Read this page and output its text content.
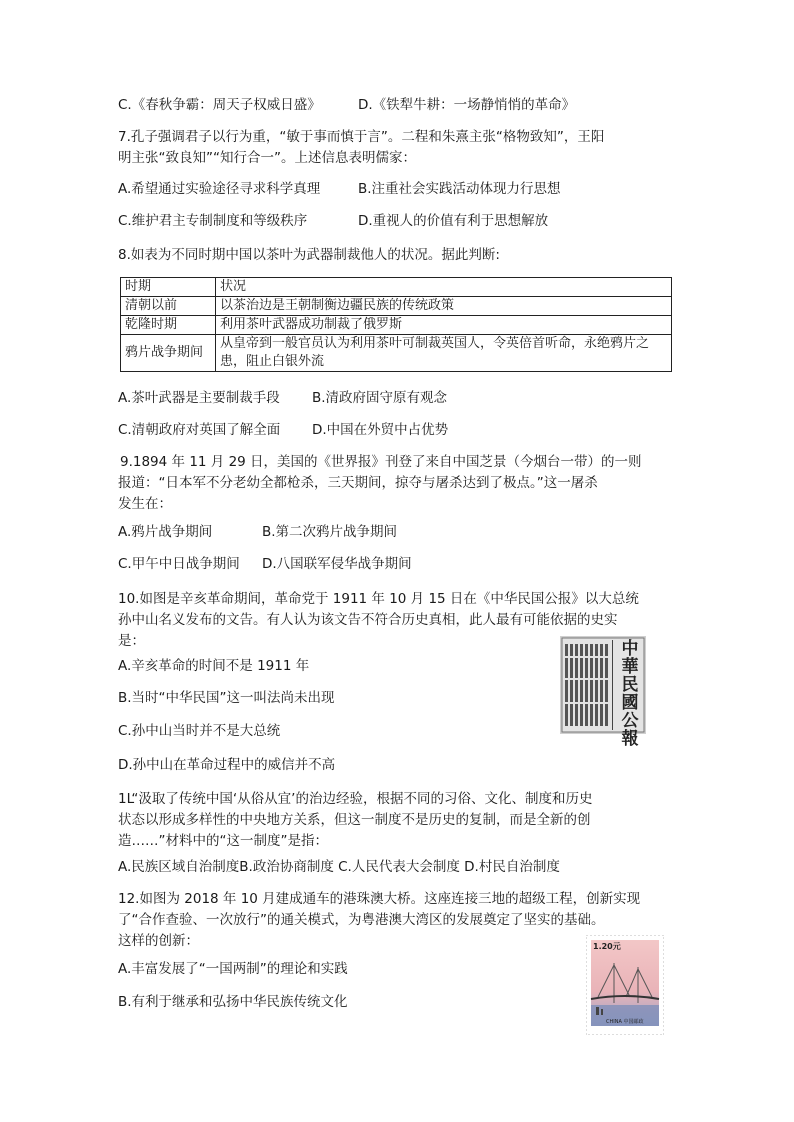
C.《春秋争霸：周天子权威日盛》	D.《铁犁牛耕：一场静悄悄的革命》
7.孔子强调君子以行为重，“敏于事而慎于言”。二程和朱熹主张“格物致知”，王阳
明主张“致良知”“知行合一”。上述信息表明儒家：
A.希望通过实验途径寻求科学真理	B.注重社会实践活动体现力行思想
C.维护君主专制制度和等级秩序	D.重视人的价值有利于思想解放
8.如表为不同时期中国以茶叶为武器制裁他人的状况。据此判断:
时期	状况
清朝以前	以茶治边是王朝制衡边疆民族的传统政策
乾隆时期	利用茶叶武器成功制裁了俄罗斯
鸦片战争期间	从皇帝到一般官员认为利用茶叶可制裁英国人，令英倍首听命，永绝鸦片之患，阻止白银外流
A.茶叶武器是主要制裁手段 B.清政府固守原有观念
C.清朝政府对英国了解全面 D.中国在外贸中占优势
9.1894 年 11 月 29 日，美国的《世界报》刊登了来自中国芝景（今烟台一带）的一则
报道：“日本军不分老幼全都枪杀，三天期间，掠夺与屠杀达到了极点。”这一屠杀
发生在：
A.鸦片战争期间	B.第二次鸦片战争期间
C.甲午中日战争期间 D.八国联军侵华战争期间
10.如图是辛亥革命期间，革命党于 1911 年 10 月 15 日在《中华民国公报》以大总统
孙中山名义发布的文告。有人认为该文告不符合历史真相，此人最有可能依据的史实
是：
A.辛亥革命的时间不是 1911 年
B.当时“中华民国”这一叫法尚未出现
C.孙中山当时并不是大总统
D.孙中山在革命过程中的威信并不高
中華民國公報
1L“汲取了传统中国‘从俗从宜’的治边经验，根据不同的习俗、文化、制度和历史
状态以形成多样性的中央地方关系，但这一制度不是历史的复制，而是全新的创
造……”材料中的“这一制度”是指：
A.民族区域自治制度B.政治协商制度 C.人民代表大会制度 D.村民自治制度
12.如图为 2018 年 10 月建成通车的港珠澳大桥。这座连接三地的超级工程，创新实现
了“合作查验、一次放行”的通关模式，为粤港澳大湾区的发展奠定了坚实的基础。
这样的创新：
A.丰富发展了“一国两制”的理论和实践
B.有利于继承和弘扬中华民族传统文化
1.20元
CHINA 中国邮政
